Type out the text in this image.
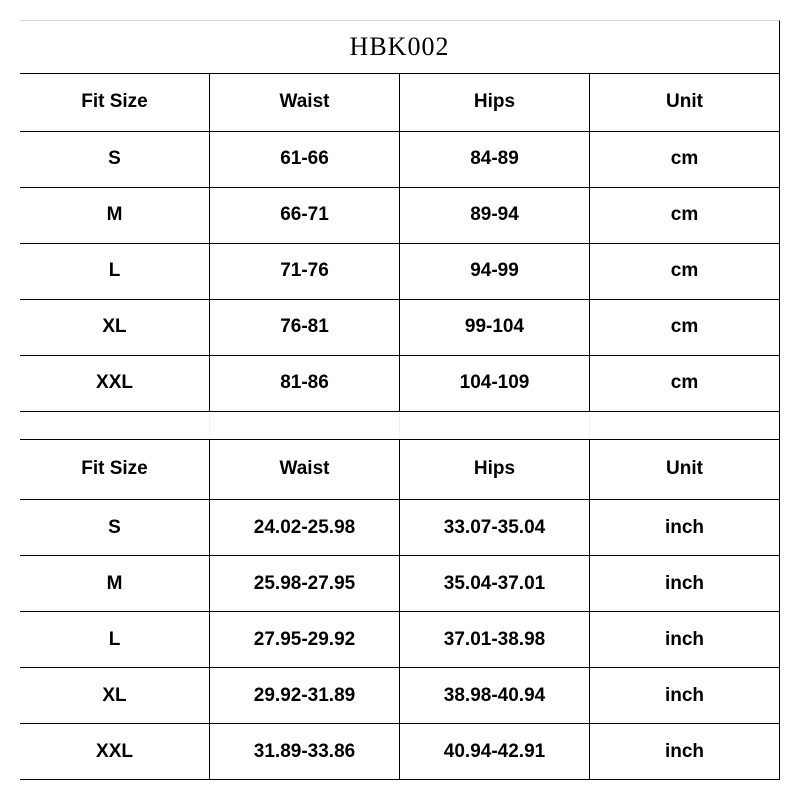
HBK002
Fit Size	Waist	Hips	Unit
S	61-66	84-89	cm
M	66-71	89-94	cm
L	71-76	94-99	cm
XL	76-81	99-104	cm
XXL	81-86	104-109	cm
Fit Size	Waist	Hips	Unit
S	24.02-25.98	33.07-35.04	inch
M	25.98-27.95	35.04-37.01	inch
L	27.95-29.92	37.01-38.98	inch
XL	29.92-31.89	38.98-40.94	inch
XXL	31.89-33.86	40.94-42.91	inch
